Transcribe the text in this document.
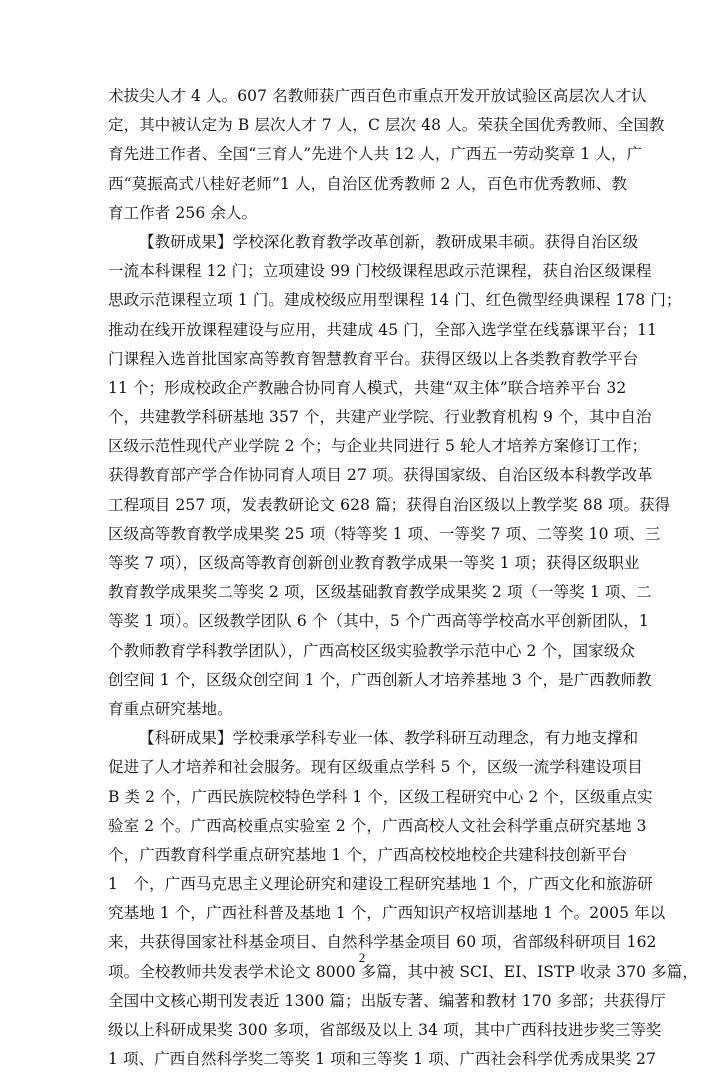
术拔尖人才 4 人。607 名教师获广西百色市重点开发开放试验区高层次人才认
定，其中被认定为 B 层次人才 7 人，C 层次 48 人。荣获全国优秀教师、全国教
育先进工作者、全国“三育人”先进个人共 12 人，广西五一劳动奖章 1 人，广
西“莫振高式八桂好老师”1 人，自治区优秀教师 2 人，百色市优秀教师、教
育工作者 256 余人。
【教研成果】学校深化教育教学改革创新，教研成果丰硕。获得自治区级
一流本科课程 12 门；立项建设 99 门校级课程思政示范课程，获自治区级课程
思政示范课程立项 1 门。建成校级应用型课程 14 门、红色微型经典课程 178 门；
推动在线开放课程建设与应用，共建成 45 门，全部入选学堂在线慕课平台；11
门课程入选首批国家高等教育智慧教育平台。获得区级以上各类教育教学平台
11 个；形成校政企产教融合协同育人模式，共建“双主体”联合培养平台 32
个，共建教学科研基地 357 个，共建产业学院、行业教育机构 9 个，其中自治
区级示范性现代产业学院 2 个；与企业共同进行 5 轮人才培养方案修订工作；
获得教育部产学合作协同育人项目 27 项。获得国家级、自治区级本科教学改革
工程项目 257 项，发表教研论文 628 篇；获得自治区级以上教学奖 88 项。获得
区级高等教育教学成果奖 25 项（特等奖 1 项、一等奖 7 项、二等奖 10 项、三
等奖 7 项），区级高等教育创新创业教育教学成果一等奖 1 项；获得区级职业
教育教学成果奖二等奖 2 项，区级基础教育教学成果奖 2 项（一等奖 1 项、二
等奖 1 项）。区级教学团队 6 个（其中，5 个广西高等学校高水平创新团队，1
个教师教育学科教学团队），广西高校区级实验教学示范中心 2 个，国家级众
创空间 1 个，区级众创空间 1 个，广西创新人才培养基地 3 个，是广西教师教
育重点研究基地。
【科研成果】学校秉承学科专业一体、教学科研互动理念，有力地支撑和
促进了人才培养和社会服务。现有区级重点学科 5 个，区级一流学科建设项目
B 类 2 个，广西民族院校特色学科 1 个，区级工程研究中心 2 个，区级重点实
验室 2 个。广西高校重点实验室 2 个，广西高校人文社会科学重点研究基地 3
个，广西教育科学重点研究基地 1 个，广西高校校地校企共建科技创新平台
1　个，广西马克思主义理论研究和建设工程研究基地 1 个，广西文化和旅游研
究基地 1 个，广西社科普及基地 1 个，广西知识产权培训基地 1 个。2005 年以
来，共获得国家社科基金项目、自然科学基金项目 60 项，省部级科研项目 162
项。全校教师共发表学术论文 8000 多篇，其中被 SCI、EI、ISTP 收录 370 多篇，
全国中文核心期刊发表近 1300 篇；出版专著、编著和教材 170 多部；共获得厅
级以上科研成果奖 300 多项，省部级及以上 34 项，其中广西科技进步奖三等奖
1 项、广西自然科学奖二等奖 1 项和三等奖 1 项、广西社会科学优秀成果奖 27
2
